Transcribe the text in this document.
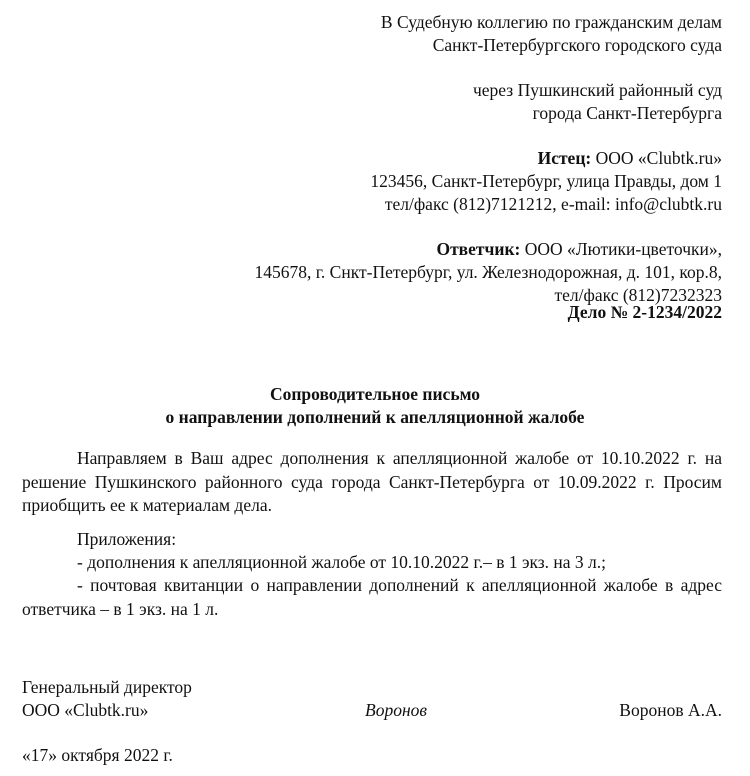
В Судебную коллегию по гражданским делам
Санкт-Петербургского городского суда
через Пушкинский районный суд
города Санкт-Петербурга
Истец: ООО «Clubtk.ru»
123456, Санкт-Петербург, улица Правды, дом 1
тел/факс (812)7121212, e-mail: info@clubtk.ru
Ответчик: ООО «Лютики-цветочки»,
145678, г. Снкт-Петербург, ул. Железнодорожная, д. 101, кор.8,
тел/факс (812)7232323
Дело № 2-1234/2022
Сопроводительное письмо
о направлении дополнений к апелляционной жалобе
Направляем в Ваш адрес дополнения к апелляционной жалобе от 10.10.2022 г. на решение Пушкинского районного суда города Санкт-Петербурга от 10.09.2022 г. Просим приобщить ее к материалам дела.
Приложения:
- дополнения к апелляционной жалобе от 10.10.2022 г.– в 1 экз. на 3 л.;
- почтовая квитанции о направлении дополнений к апелляционной жалобе в адрес ответчика – в 1 экз. на 1 л.
Генеральный директор
ООО «Clubtk.ru»	Воронов	Воронов А.А.
«17» октября 2022 г.
